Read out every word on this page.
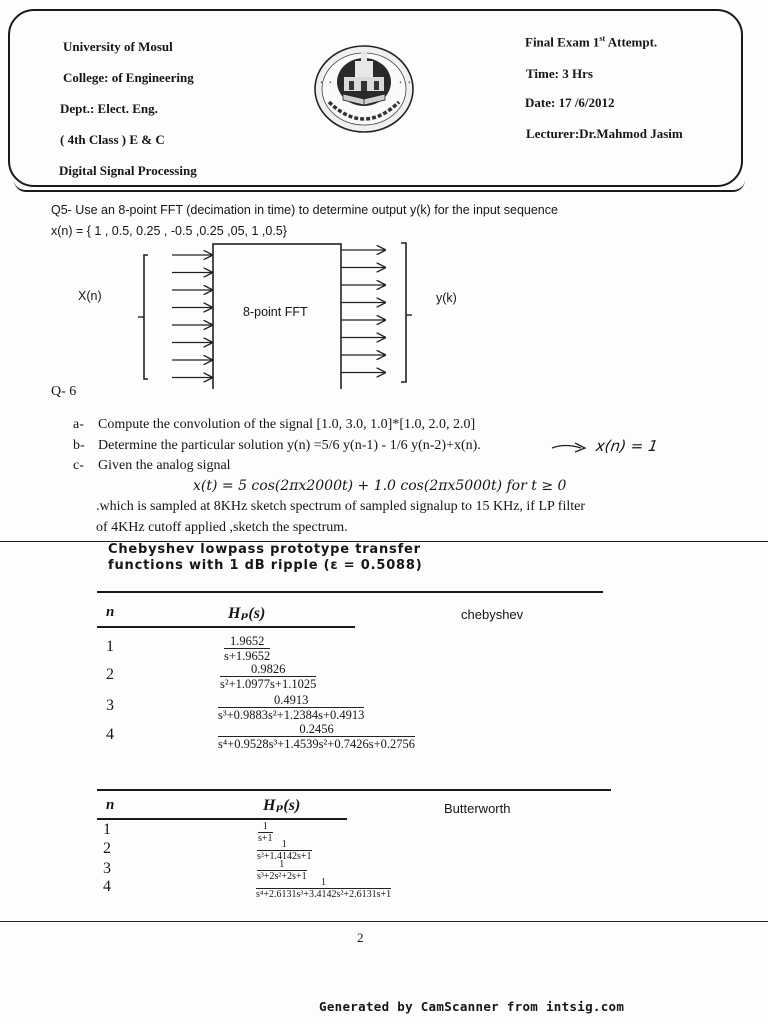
University of Mosul
College: of Engineering
Dept.: Elect. Eng.
( 4th Class ) E & C
Digital Signal Processing
Final Exam 1st Attempt.
Time: 3 Hrs
Date: 17 /6/2012
Lecturer:Dr.Mahmod Jasim
• ٠ •	• ٠ •
Q5- Use an 8-point FFT (decimation in time) to determine output y(k) for the input sequence
x(n) = { 1 , 0.5, 0.25 , -0.5 ,0.25 ,05, 1 ,0.5}
X(n)	y(k)
8-point FFT
Q- 6
a- Compute the convolution of the signal [1.0, 3.0, 1.0]*[1.0, 2.0, 2.0]
b- Determine the particular solution y(n) =5/6 y(n-1) - 1/6 y(n-2)+x(n).	x(n) = 1
c- Given the analog signal
x(t) = 5 cos(2πx2000t) + 1.0 cos(2πx5000t) for t ≥ 0
.which is sampled at 8KHz sketch spectrum of sampled signalup to 15 KHz, if LP filter
of 4KHz cutoff applied ,sketch the spectrum.
Chebyshev lowpass prototype transfer
functions with 1 dB ripple (ε = 0.5088)
n	Hₚ(s)	chebyshev
1	$\frac{1.9652}{s+1.9652}$
2	$\frac{0.9826}{\text{s²+1.0977s+1.1025}}$
3	$\frac{0.4913}{\text{s³+0.9883s²+1.2384s+0.4913}}$
4	$\frac{0.2456}{\text{s⁴+0.9528s³+1.4539s²+0.7426s+0.2756}}$
n	Hₚ(s)	Butterworth
1	$\frac{1}{s+1}$
2	$\frac{1}{\text{s²+1.4142s+1}}$
3	$\frac{1}{\text{s³+2s²+2s+1}}$
4	$\frac{1}{\text{s⁴+2.6131s³+3.4142s²+2.6131s+1}}$
2
Generated by CamScanner from intsig.com
